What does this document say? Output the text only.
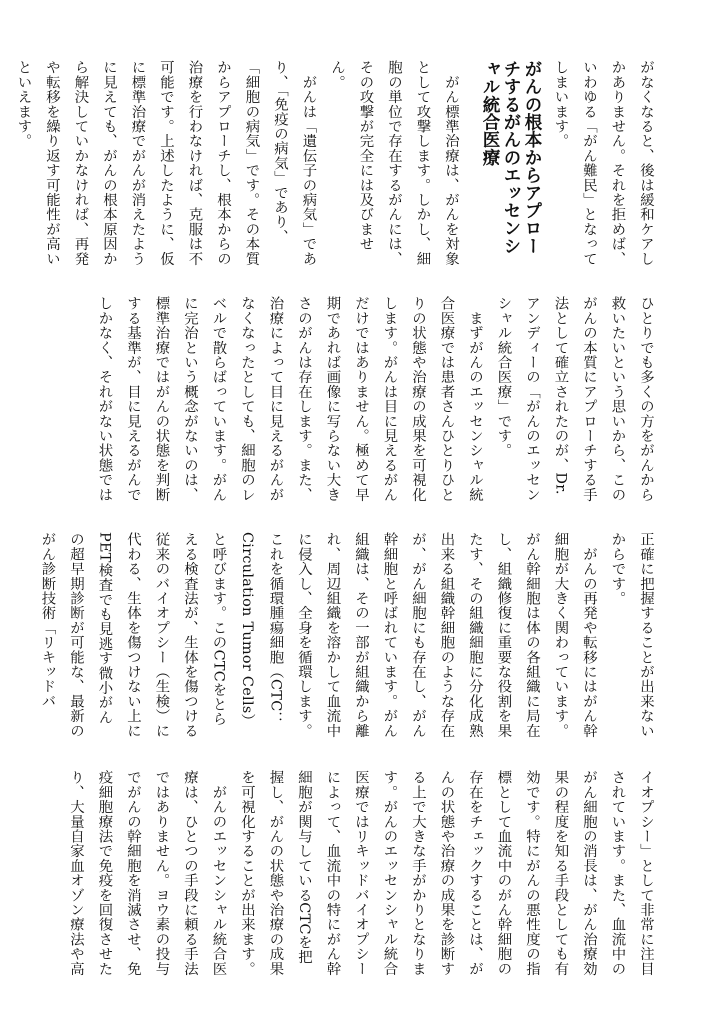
がなくなると、後は緩和ケアしかありません。それを拒めば、いわゆる「がん難民」となってしまいます。

がんの根本からアプローチするがんのエッセンシャル統合医療

　がん標準治療は、がんを対象として攻撃します。しかし、細胞の単位で存在するがんには、その攻撃が完全には及びません。

　がんは「遺伝子の病気」であり、「免疫の病気」であり、「細胞の病気」です。その本質からアプローチし、根本からの治療を行わなければ、克服は不可能です。上述したように、仮に標準治療でがんが消えたように見えても、がんの根本原因から解決していかなければ、再発や転移を繰り返す可能性が高いといえます。

ひとりでも多くの方をがんから救いたいという思いから、このがんの本質にアプローチする手法として確立されたのが、Dr.アンディーの「がんのエッセンシャル統合医療」です。

　まずがんのエッセンシャル統合医療では患者さんひとりひとりの状態や治療の成果を可視化します。がんは目に見えるがんだけではありません。極めて早期であれば画像に写らない大きさのがんは存在します。また、治療によって目に見えるがんがなくなったとしても、細胞のレベルで散らばっています。がんに完治という概念がないのは、標準治療ではがんの状態を判断する基準が、目に見えるがんでしかなく、それがない状態では

正確に把握することが出来ないからです。

　がんの再発や転移にはがん幹細胞が大きく関わっています。がん幹細胞は体の各組織に局在し、組織修復に重要な役割を果たす、その組織細胞に分化成熟出来る組織幹細胞のような存在が、がん細胞にも存在し、がん幹細胞と呼ばれています。がん組織は、その一部が組織から離れ、周辺組織を溶かして血流中に侵入し、全身を循環します。これを循環腫瘍細胞（CTC：Circulation Tumor Cells）と呼びます。このCTCをとらえる検査法が、生体を傷つける従来のバイオプシー（生検）に代わる、生体を傷つけない上にPET検査でも見逃す微小がんの超早期診断が可能な、最新のがん診断技術「リキッドバ

イオプシー」として非常に注目されています。また、血流中のがん細胞の消長は、がん治療効果の程度を知る手段としても有効です。特にがんの悪性度の指標として血流中のがん幹細胞の存在をチェックすることは、がんの状態や治療の成果を診断する上で大きな手がかりとなります。がんのエッセンシャル統合医療ではリキッドバイオプシーによって、血流中の特にがん幹細胞が関与しているCTCを把握し、がんの状態や治療の成果を可視化することが出来ます。

　がんのエッセンシャル統合医療は、ひとつの手段に頼る手法ではありません。ヨウ素の投与でがんの幹細胞を消滅させ、免疫細胞療法で免疫を回復させたり、大量自家血オゾン療法や高
